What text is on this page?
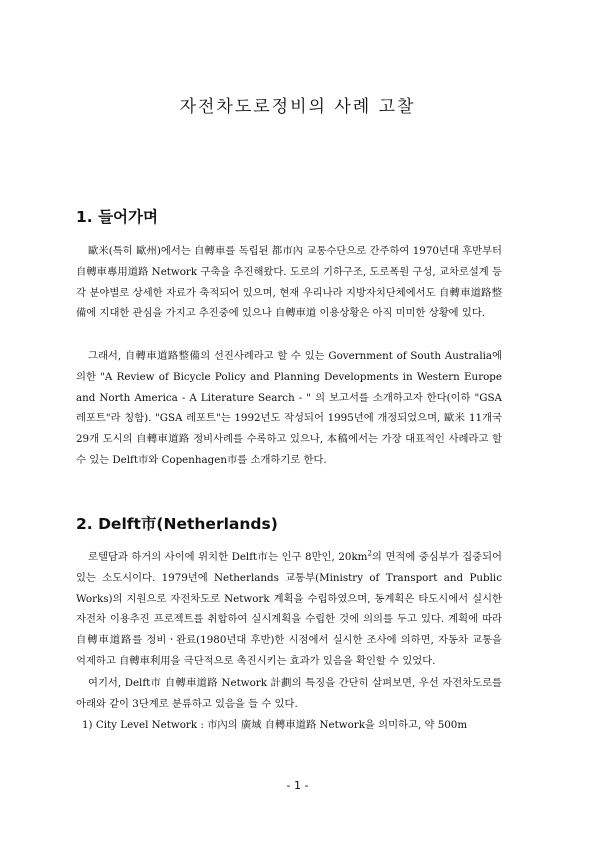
자전차도로정비의 사례 고찰
1. 들어가며

歐米(특히 歐州)에서는 自轉車를 독립된 都市內 교통수단으로 간주하여 1970년대 후반부터 自轉車專用道路 Network 구축을 추진해왔다. 도로의 기하구조, 도로폭원 구성, 교차로설계 등 각 분야별로 상세한 자료가 축적되어 있으며, 현재 우리나라 지방자치단체에서도 自轉車道路整備에 지대한 관심을 가지고 추진중에 있으나 自轉車道 이용상황은 아직 미미한 상황에 있다.

그래서, 自轉車道路整備의 선진사례라고 할 수 있는 Government of South Australia에 의한 "A Review of Bicycle Policy and Planning Developments in Western Europe and North America - A Literature Search - " 의 보고서를 소개하고자 한다(이하 "GSA 레포트"라 칭함). "GSA 레포트"는 1992년도 작성되어 1995년에 개정되었으며, 歐米 11개국 29개 도시의 自轉車道路 정비사례를 수록하고 있으나, 本稿에서는 가장 대표적인 사례라고 할 수 있는 Delft市와 Copenhagen市를 소개하기로 한다.

2. Delft市(Netherlands)

로텔담과 하거의 사이에 위치한 Delft市는 인구 8만인, $20km^2$의 면적에 중심부가 집중되어 있는 소도시이다. 1979년에 Netherlands 교통부(Ministry of Transport and Public Works)의 지원으로 자전차도로 Network 계획을 수립하였으며, 동계획은 타도시에서 실시한 자전차 이용추진 프로젝트를 취합하여 실시계획을 수립한 것에 의의를 두고 있다. 계획에 따라 自轉車道路를 정비ㆍ완료(1980년대 후반)한 시점에서 실시한 조사에 의하면, 자동차 교통을 억제하고 自轉車利用을 극단적으로 촉진시키는 효과가 있음을 확인할 수 있었다.

여기서, Delft市 自轉車道路 Network 計劃의 특징을 간단히 살펴보면, 우선 자전차도로를 아래와 같이 3단계로 분류하고 있음을 들 수 있다.

1) City Level Network : 市內의 廣域 自轉車道路 Network을 의미하고, 약 500m

- 1 -
